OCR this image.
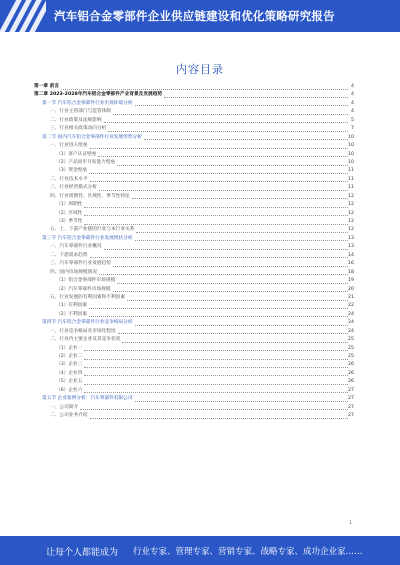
汽车铝合金零部件企业供应链建设和优化策略研究报告
内容目录
第一章 前言	4
第二章 2023-2028年汽车铝合金零部件产业背景及发展趋势	4
第一节 汽车铝合金零部件行业宏观环境分析	4
一、行业主管部门与监管体制	4
二、行业政策及法规影响	5
三、行业相关政策动向分析	7
第二节 国内汽车铝合金零部件行业发展形势分析	10
一、行业进入壁垒	10
（1）客户认证壁垒	10
（2）产品同步开发能力壁垒	10
（3）资金壁垒	11
二、行业技术水平	11
三、行业经营模式分析	11
四、行业周期性、区域性、季节性特征	12
（1）周期性	12
（2）区域性	12
（3）季节性	12
五、上、下游产业链的行业与本行业关系	12
第三节 汽车铝合金零部件行业发展现状分析	13
一、汽车零部件行业概况	13
二、下游需求趋势	14
三、汽车零部件行业发展趋势	16
四、国内市场规模情况	18
（1）铝合金零部件市场规模	19
（2）汽车零部件市场规模	20
五、行业发展的有利因素和不利因素	21
（1）有利因素	22
（2）不利因素	24
第四节 汽车铝合金零部件行业竞争格局分析	24
一、行业竞争格局及市场化程度	24
二、行业内主要企业及其竞争状况	25
（1）企业一	25
（2）企业二	25
（3）企业三	26
（4）企业四	26
（5）企业五	26
（6）企业六	27
第五节 企业案例分析：汽车零部件有限公司	27
一、公司简介	27
二、公司业务介绍	27
1
让每个人都能成为 行业专家、管理专家、营销专家、战略专家、成功企业家……
